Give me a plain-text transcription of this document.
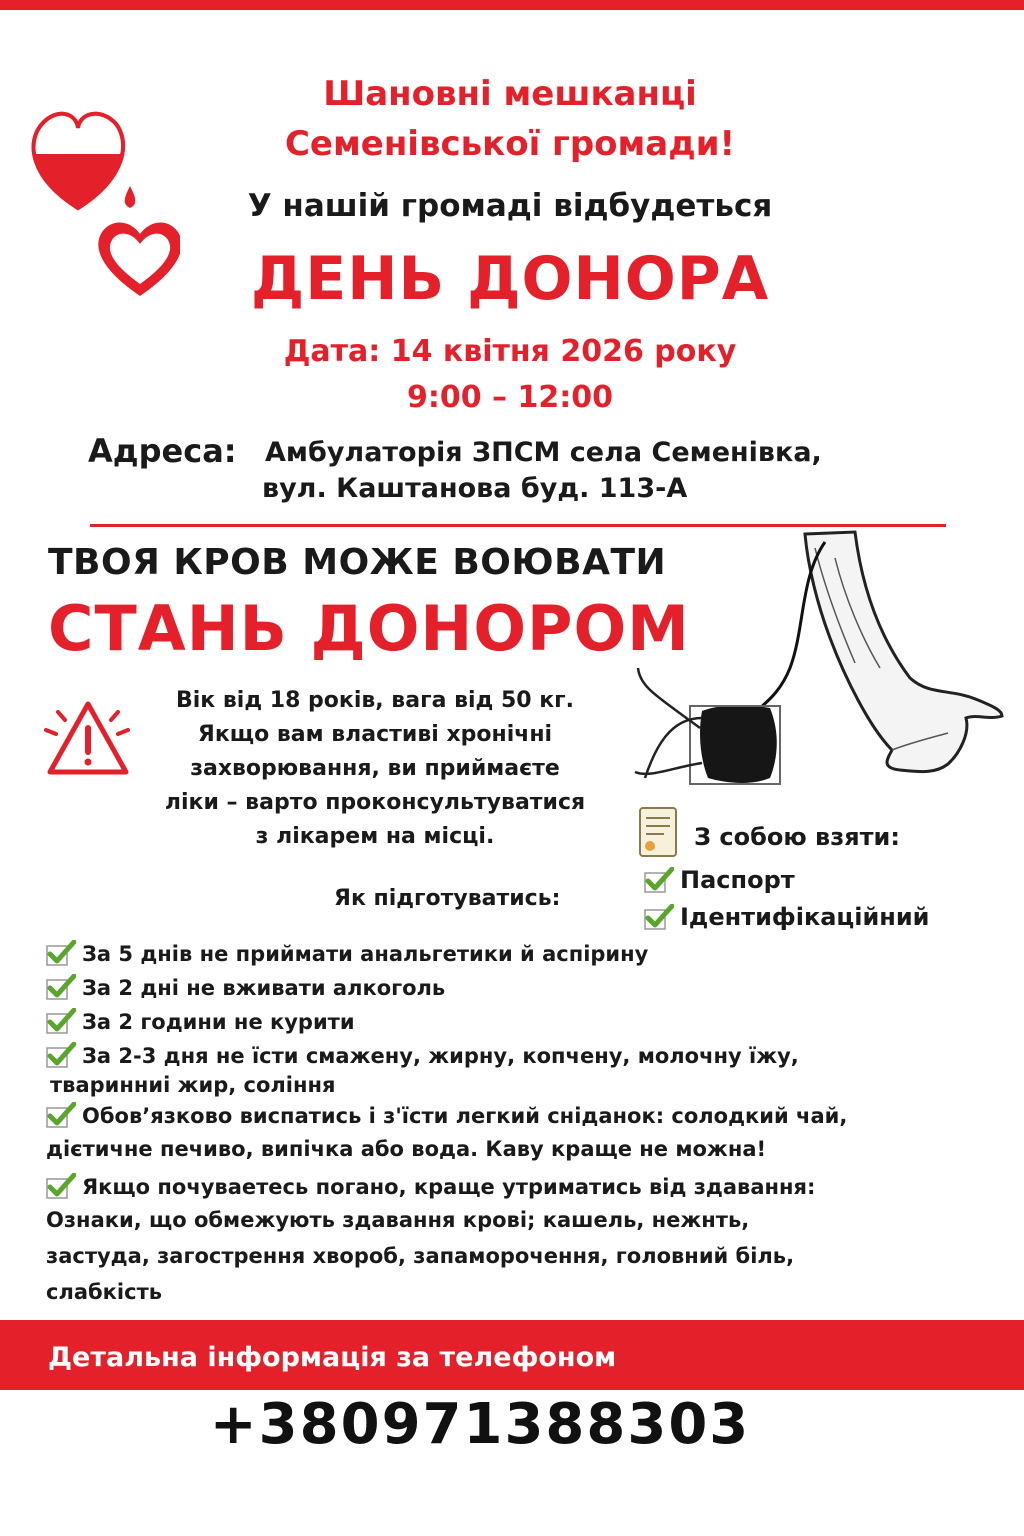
Шановні мешканці
Семенівської громади!
У нашій громаді відбудеться
ДЕНЬ ДОНОРА
Дата: 14 квітня 2026 року
9:00 – 12:00
Адреса: Амбулаторія ЗПСМ села Семенівка,
вул. Каштанова буд. 113-А
ТВОЯ КРОВ МОЖЕ ВОЮВАТИ
СТАНЬ ДОНОРОМ
Вік від 18 років, вага від 50 кг.
Якщо вам властиві хронічні
захворювання, ви приймаєте
ліки – варто проконсультуватися
з лікарем на місці.	З собою взяти:
Паспорт
Ідентифікаційний
Як підготуватись:
За 5 днів не приймати анальгетики й аспірину
За 2 дні не вживати алкоголь
За 2 години не курити
За 2-3 дня не їсти смажену, жирну, копчену, молочну їжу,
тваринниі жир, соління
Обов’язково виспатись і з'їсти легкий сніданок: солодкий чай,
дієтичне печиво, випічка або вода. Каву краще не можна!
Якщо почуваетесь погано, краще утриматись від здавання:
Ознаки, що обмежують здавання крові; кашель, нежнть,
застуда, загострення хвороб, запаморочення, головний біль,
слабкість
Детальна інформація за телефоном
+380971388303
